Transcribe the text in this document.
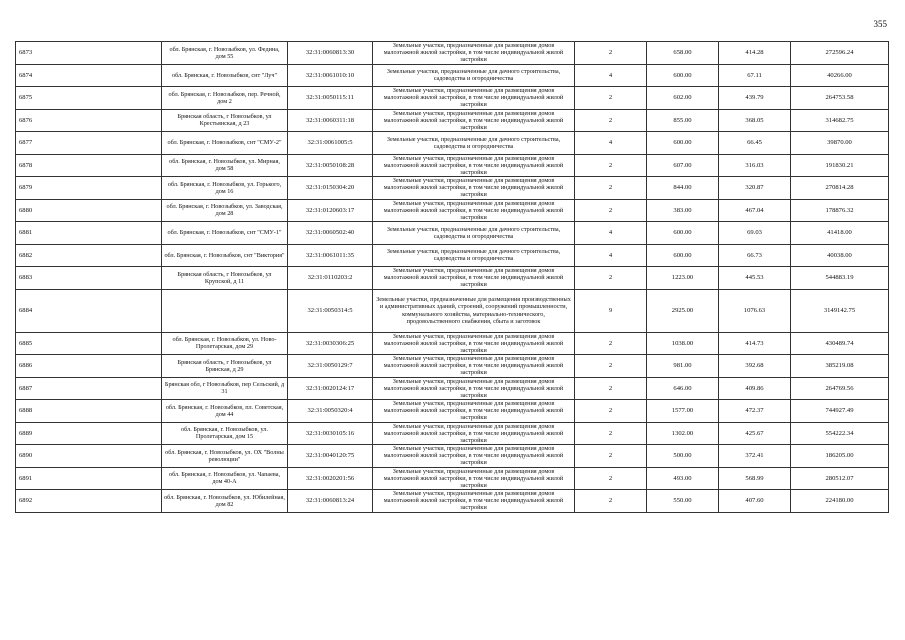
355
6873	обл. Брянская, г. Новозыбков, ул. Федина, дом 55	32:31:0060813:30	Земельные участки, предназначенные для размещения домов малоэтажной жилой застройки, в том числе индивидуальной жилой застройки	2	658.00	414.28	272596.24
6874	обл. Брянская, г. Новозыбков, снт "Луч"	32:31:0061010:10	Земельные участки, предназначенные для дачного строительства, садоводства и огородничества	4	600.00	67.11	40266.00
6875	обл. Брянская, г. Новозыбков, пер. Речной, дом 2	32:31:0050115:11	Земельные участки, предназначенные для размещения домов малоэтажной жилой застройки, в том числе индивидуальной жилой застройки	2	602.00	439.79	264753.58
6876	Брянская область, г Новозыбков, ул Крестьянская, д 23	32:31:0060311:18	Земельные участки, предназначенные для размещения домов малоэтажной жилой застройки, в том числе индивидуальной жилой застройки	2	855.00	368.05	314682.75
6877	обл. Брянская, г. Новозыбков, снт "СМУ-2"	32:31:0061005:5	Земельные участки, предназначенные для дачного строительства, садоводства и огородничества	4	600.00	66.45	39870.00
6878	обл. Брянская, г. Новозыбков, ул. Мирная, дом 58	32:31:0050108:28	Земельные участки, предназначенные для размещения домов малоэтажной жилой застройки, в том числе индивидуальной жилой застройки	2	607.00	316.03	191830.21
6879	обл. Брянская, г. Новозыбков, ул. Горького, дом 16	32:31:0150304:20	Земельные участки, предназначенные для размещения домов малоэтажной жилой застройки, в том числе индивидуальной жилой застройки	2	844.00	320.87	270814.28
6880	обл. Брянская, г. Новозыбков, ул. Заводская, дом 28	32:31:0120603:17	Земельные участки, предназначенные для размещения домов малоэтажной жилой застройки, в том числе индивидуальной жилой застройки	2	383.00	467.04	178876.32
6881	обл. Брянская, г. Новозыбков, снт "СМУ-1"	32:31:0060502:40	Земельные участки, предназначенные для дачного строительства, садоводства и огородничества	4	600.00	69.03	41418.00
6882	обл. Брянская, г. Новозыбков, снт "Виктория"	32:31:0061011:35	Земельные участки, предназначенные для дачного строительства, садоводства и огородничества	4	600.00	66.73	40038.00
6883	Брянская область, г Новозыбков, ул Крупской, д 11	32:31:0110203:2	Земельные участки, предназначенные для размещения домов малоэтажной жилой застройки, в том числе индивидуальной жилой застройки	2	1223.00	445.53	544883.19
6884		32:31:0050314:5	Земельные участки, предназначенные для размещения производственных и административных зданий, строений, сооружений промышленности, коммунального хозяйства, материально-технического, продовольственного снабжения, сбыта и заготовок	9	2925.00	1076.63	3149142.75
6885	обл. Брянская, г. Новозыбков, ул. Ново-Пролетарская, дом 29	32:31:0030306:25	Земельные участки, предназначенные для размещения домов малоэтажной жилой застройки, в том числе индивидуальной жилой застройки	2	1038.00	414.73	430489.74
6886	Брянская область, г Новозыбков, ул Брянская, д 29	32:31:0050129:7	Земельные участки, предназначенные для размещения домов малоэтажной жилой застройки, в том числе индивидуальной жилой застройки	2	981.00	392.68	385219.08
6887	Брянская обл, г Новозыбков, пер Сельский, д 31	32:31:0020124:17	Земельные участки, предназначенные для размещения домов малоэтажной жилой застройки, в том числе индивидуальной жилой застройки	2	646.00	409.86	264769.56
6888	обл. Брянская, г. Новозыбков, пл. Советская, дом 44	32:31:0050320:4	Земельные участки, предназначенные для размещения домов малоэтажной жилой застройки, в том числе индивидуальной жилой застройки	2	1577.00	472.37	744927.49
6889	обл. Брянская, г. Новозыбков, ул. Пролетарская, дом 15	32:31:0030105:16	Земельные участки, предназначенные для размещения домов малоэтажной жилой застройки, в том числе индивидуальной жилой застройки	2	1302.00	425.67	554222.34
6890	обл. Брянская, г. Новозыбков, ул. ОХ "Волны революции"	32:31:0040120:75	Земельные участки, предназначенные для размещения домов малоэтажной жилой застройки, в том числе индивидуальной жилой застройки	2	500.00	372.41	186205.00
6891	обл. Брянская, г. Новозыбков, ул. Чапаева, дом 40-А	32:31:0020201:56	Земельные участки, предназначенные для размещения домов малоэтажной жилой застройки, в том числе индивидуальной жилой застройки	2	493.00	568.99	280512.07
6892	обл. Брянская, г. Новозыбков, ул. Юбилейная, дом 82	32:31:0060813:24	Земельные участки, предназначенные для размещения домов малоэтажной жилой застройки, в том числе индивидуальной жилой застройки	2	550.00	407.60	224180.00
